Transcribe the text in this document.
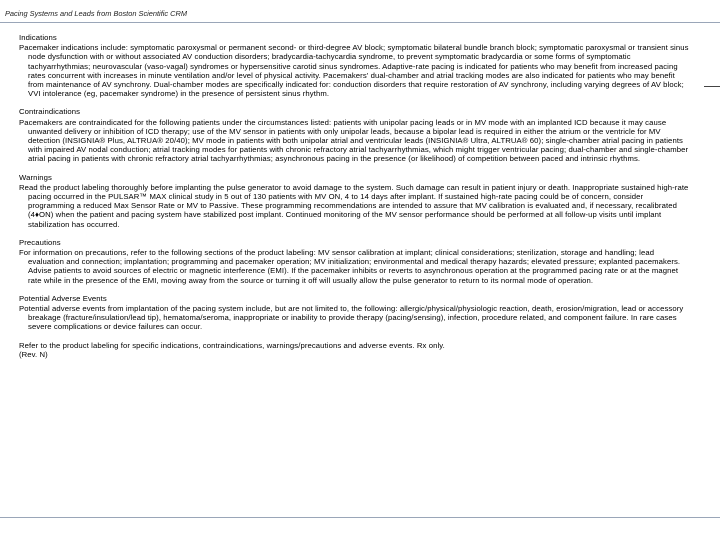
Pacing Systems and Leads from Boston Scientific CRM
Indications
Pacemaker indications include: symptomatic paroxysmal or permanent second- or third-degree AV block; symptomatic bilateral bundle branch block; symptomatic paroxysmal or transient sinus node dysfunction with or without associated AV conduction disorders; bradycardia-tachycardia syndrome, to prevent symptomatic bradycardia or some forms of symptomatic tachyarrhythmias; neurovascular (vaso-vagal) syndromes or hypersensitive carotid sinus syndromes. Adaptive-rate pacing is indicated for patients who may benefit from increased pacing rates concurrent with increases in minute ventilation and/or level of physical activity. Pacemakers' dual-chamber and atrial tracking modes are also indicated for patients who may benefit from maintenance of AV synchrony. Dual-chamber modes are specifically indicated for: conduction disorders that require restoration of AV synchrony, including varying degrees of AV block; VVI intolerance (eg, pacemaker syndrome) in the presence of persistent sinus rhythm.
Contraindications
Pacemakers are contraindicated for the following patients under the circumstances listed: patients with unipolar pacing leads or in MV mode with an implanted ICD because it may cause unwanted delivery or inhibition of ICD therapy; use of the MV sensor in patients with only unipolar leads, because a bipolar lead is required in either the atrium or the ventricle for MV detection (INSIGNIA® Plus, ALTRUA® 20/40); MV mode in patients with both unipolar atrial and ventricular leads (INSIGNIA® Ultra, ALTRUA® 60); single-chamber atrial pacing in patients with impaired AV nodal conduction; atrial tracking modes for patients with chronic refractory atrial tachyarrhythmias, which might trigger ventricular pacing; dual-chamber and single-chamber atrial pacing in patients with chronic refractory atrial tachyarrhythmias; asynchronous pacing in the presence (or likelihood) of competition between paced and intrinsic rhythms.
Warnings
Read the product labeling thoroughly before implanting the pulse generator to avoid damage to the system. Such damage can result in patient injury or death. Inappropriate sustained high-rate pacing occurred in the PULSAR™ MAX clinical study in 5 out of 130 patients with MV ON, 4 to 14 days after implant. If sustained high-rate pacing could be of concern, consider programming a reduced Max Sensor Rate or MV to Passive. These programming recommendations are intended to assure that MV calibration is evaluated and, if necessary, recalibrated (4♦ON) when the patient and pacing system have stabilized post implant. Continued monitoring of the MV sensor performance should be performed at all follow-up visits until implant stabilization has occurred.
Precautions
For information on precautions, refer to the following sections of the product labeling: MV sensor calibration at implant; clinical considerations; sterilization, storage and handling; lead evaluation and connection; implantation; programming and pacemaker operation; MV initialization; environmental and medical therapy hazards; elevated pressure; explanted pacemakers. Advise patients to avoid sources of electric or magnetic interference (EMI). If the pacemaker inhibits or reverts to asynchronous operation at the programmed pacing rate or at the magnet rate while in the presence of the EMI, moving away from the source or turning it off will usually allow the pulse generator to return to its normal mode of operation.
Potential Adverse Events
Potential adverse events from implantation of the pacing system include, but are not limited to, the following: allergic/physical/physiologic reaction, death, erosion/migration, lead or accessory breakage (fracture/insulation/lead tip), hematoma/seroma, inappropriate or inability to provide therapy (pacing/sensing), infection, procedure related, and component failure. In rare cases severe complications or device failures can occur.
Refer to the product labeling for specific indications, contraindications, warnings/precautions and adverse events. Rx only.
(Rev. N)
